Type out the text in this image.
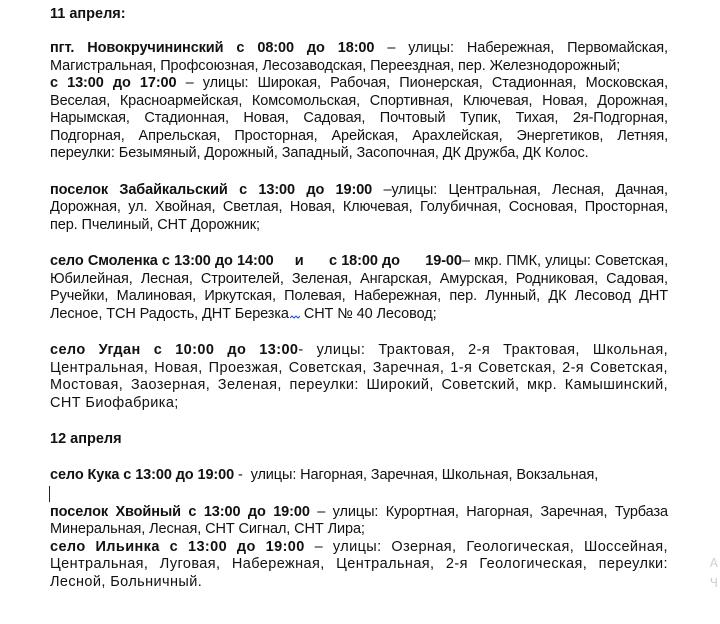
11 апреля:

пгт. Новокручининский с 08:00 до 18:00 – улицы: Набережная, Первомайская, Магистральная, Профсоюзная, Лесозаводская, Переездная, пер. Железнодорожный;
с 13:00 до 17:00 – улицы: Широкая, Рабочая, Пионерская, Стадионная, Московская, Веселая, Красноармейская, Комсомольская, Спортивная, Ключевая, Новая, Дорожная, Нарымская, Стадионная, Новая, Садовая, Почтовый Тупик, Тихая, 2я-Подгорная, Подгорная, Апрельская, Просторная, Арейская, Арахлейская, Энергетиков, Летняя, переулки: Безымяный, Дорожный, Западный, Засопочная, ДК Дружба, ДК Колос.

поселок Забайкальский с 13:00 до 19:00 –улицы: Центральная, Лесная, Дачная, Дорожная, ул. Хвойная, Светлая, Новая, Ключевая, Голубичная, Сосновая, Просторная, пер. Пчелиный, СНТ Дорожник;

село Смоленка с 13:00 до 14:00     и      с 18:00 до      19-00– мкр. ПМК, улицы: Советская, Юбилейная, Лесная, Строителей, Зеленая, Ангарская, Амурская, Родниковая, Садовая, Ручейки, Малиновая, Иркутская, Полевая, Набережная, пер. Лунный, ДК Лесовод ДНТ Лесное, ТСН Радость, ДНТ Березка СНТ № 40 Лесовод;

село Угдан с 10:00 до 13:00- улицы: Трактовая, 2-я Трактовая, Школьная, Центральная, Новая, Проезжая, Советская, Заречная, 1-я Советская, 2-я Советская, Мостовая, Заозерная, Зеленая, переулки: Широкий, Советский, мкр. Камышинский, СНТ Биофабрика;

12 апреля

село Кука с 13:00 до 19:00 -  улицы: Нагорная, Заречная, Школьная, Вокзальная,

поселок Хвойный с 13:00 до 19:00 – улицы: Курортная, Нагорная, Заречная, Турбаза Минеральная, Лесная, СНТ Сигнал, СНТ Лира;

село Ильинка с 13:00 до 19:00 – улицы: Озерная, Геологическая, Шоссейная, Центральная, Луговая, Набережная, Центральная, 2-я Геологическая, переулки: Лесной, Больничный.

A
Ч
